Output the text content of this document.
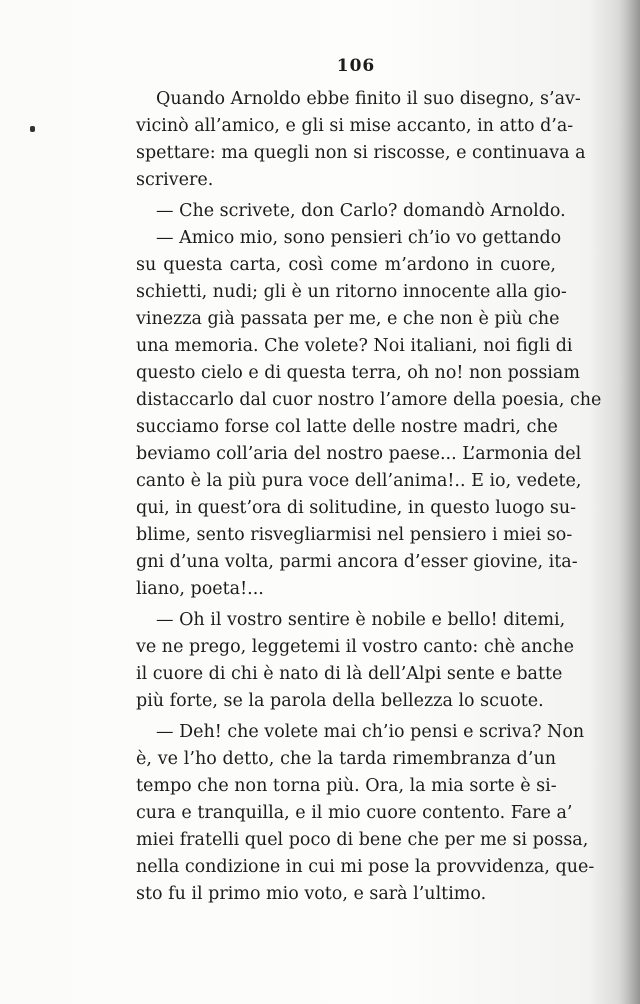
106
Quando Arnoldo ebbe finito il suo disegno, s’av-
vicinò all’amico, e gli si mise accanto, in atto d’a-
spettare: ma quegli non si riscosse, e continuava a
scrivere.
— Che scrivete, don Carlo? domandò Arnoldo.
— Amico mio, sono pensieri ch’io vo gettando
su questa carta, così come m’ardono in cuore,
schietti, nudi; gli è un ritorno innocente alla gio-
vinezza già passata per me, e che non è più che
una memoria. Che volete? Noi italiani, noi figli di
questo cielo e di questa terra, oh no! non possiam
distaccarlo dal cuor nostro l’amore della poesia, che
succiamo forse col latte delle nostre madri, che
beviamo coll’aria del nostro paese... L’armonia del
canto è la più pura voce dell’anima!.. E io, vedete,
qui, in quest’ora di solitudine, in questo luogo su-
blime, sento risvegliarmisi nel pensiero i miei so-
gni d’una volta, parmi ancora d’esser giovine, ita-
liano, poeta!...
— Oh il vostro sentire è nobile e bello! ditemi,
ve ne prego, leggetemi il vostro canto: chè anche
il cuore di chi è nato di là dell’Alpi sente e batte
più forte, se la parola della bellezza lo scuote.
— Deh! che volete mai ch’io pensi e scriva? Non
è, ve l’ho detto, che la tarda rimembranza d’un
tempo che non torna più. Ora, la mia sorte è si-
cura e tranquilla, e il mio cuore contento. Fare a’
miei fratelli quel poco di bene che per me si possa,
nella condizione in cui mi pose la provvidenza, que-
sto fu il primo mio voto, e sarà l’ultimo.
